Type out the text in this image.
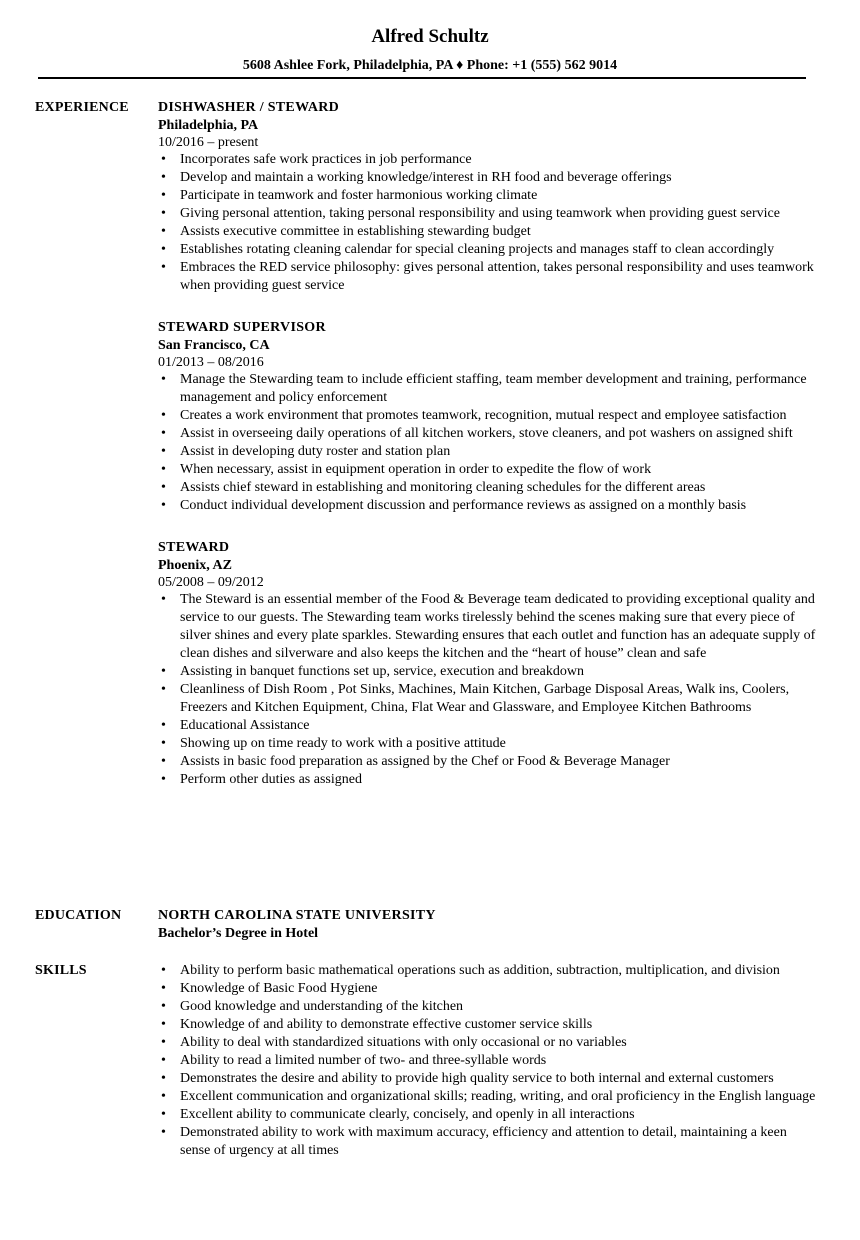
Alfred Schultz
5608 Ashlee Fork, Philadelphia, PA ♦ Phone: +1 (555) 562 9014
EXPERIENCE DISHWASHER / STEWARD
Philadelphia, PA
10/2016 – present
• Incorporates safe work practices in job performance
• Develop and maintain a working knowledge/interest in RH food and beverage offerings
• Participate in teamwork and foster harmonious working climate
• Giving personal attention, taking personal responsibility and using teamwork when providing guest service
• Assists executive committee in establishing stewarding budget
• Establishes rotating cleaning calendar for special cleaning projects and manages staff to clean accordingly
• Embraces the RED service philosophy: gives personal attention, takes personal responsibility and uses teamwork when providing guest service
STEWARD SUPERVISOR
San Francisco, CA
01/2013 – 08/2016
• Manage the Stewarding team to include efficient staffing, team member development and training, performance management and policy enforcement
• Creates a work environment that promotes teamwork, recognition, mutual respect and employee satisfaction
• Assist in overseeing daily operations of all kitchen workers, stove cleaners, and pot washers on assigned shift
• Assist in developing duty roster and station plan
• When necessary, assist in equipment operation in order to expedite the flow of work
• Assists chief steward in establishing and monitoring cleaning schedules for the different areas
• Conduct individual development discussion and performance reviews as assigned on a monthly basis
STEWARD
Phoenix, AZ
05/2008 – 09/2012
• The Steward is an essential member of the Food & Beverage team dedicated to providing exceptional quality and service to our guests. The Stewarding team works tirelessly behind the scenes making sure that every piece of silver shines and every plate sparkles. Stewarding ensures that each outlet and function has an adequate supply of clean dishes and silverware and also keeps the kitchen and the “heart of house” clean and safe
• Assisting in banquet functions set up, service, execution and breakdown
• Cleanliness of Dish Room , Pot Sinks, Machines, Main Kitchen, Garbage Disposal Areas, Walk ins, Coolers, Freezers and Kitchen Equipment, China, Flat Wear and Glassware, and Employee Kitchen Bathrooms
• Educational Assistance
• Showing up on time ready to work with a positive attitude
• Assists in basic food preparation as assigned by the Chef or Food & Beverage Manager
• Perform other duties as assigned
EDUCATION	NORTH CAROLINA STATE UNIVERSITY
Bachelor’s Degree in Hotel
SKILLS
•	Ability to perform basic mathematical operations such as addition, subtraction, multiplication, and division
• Knowledge of Basic Food Hygiene
• Good knowledge and understanding of the kitchen
• Knowledge of and ability to demonstrate effective customer service skills
• Ability to deal with standardized situations with only occasional or no variables
• Ability to read a limited number of two- and three-syllable words
• Demonstrates the desire and ability to provide high quality service to both internal and external customers
• Excellent communication and organizational skills; reading, writing, and oral proficiency in the English language
• Excellent ability to communicate clearly, concisely, and openly in all interactions
• Demonstrated ability to work with maximum accuracy, efficiency and attention to detail, maintaining a keen sense of urgency at all times
